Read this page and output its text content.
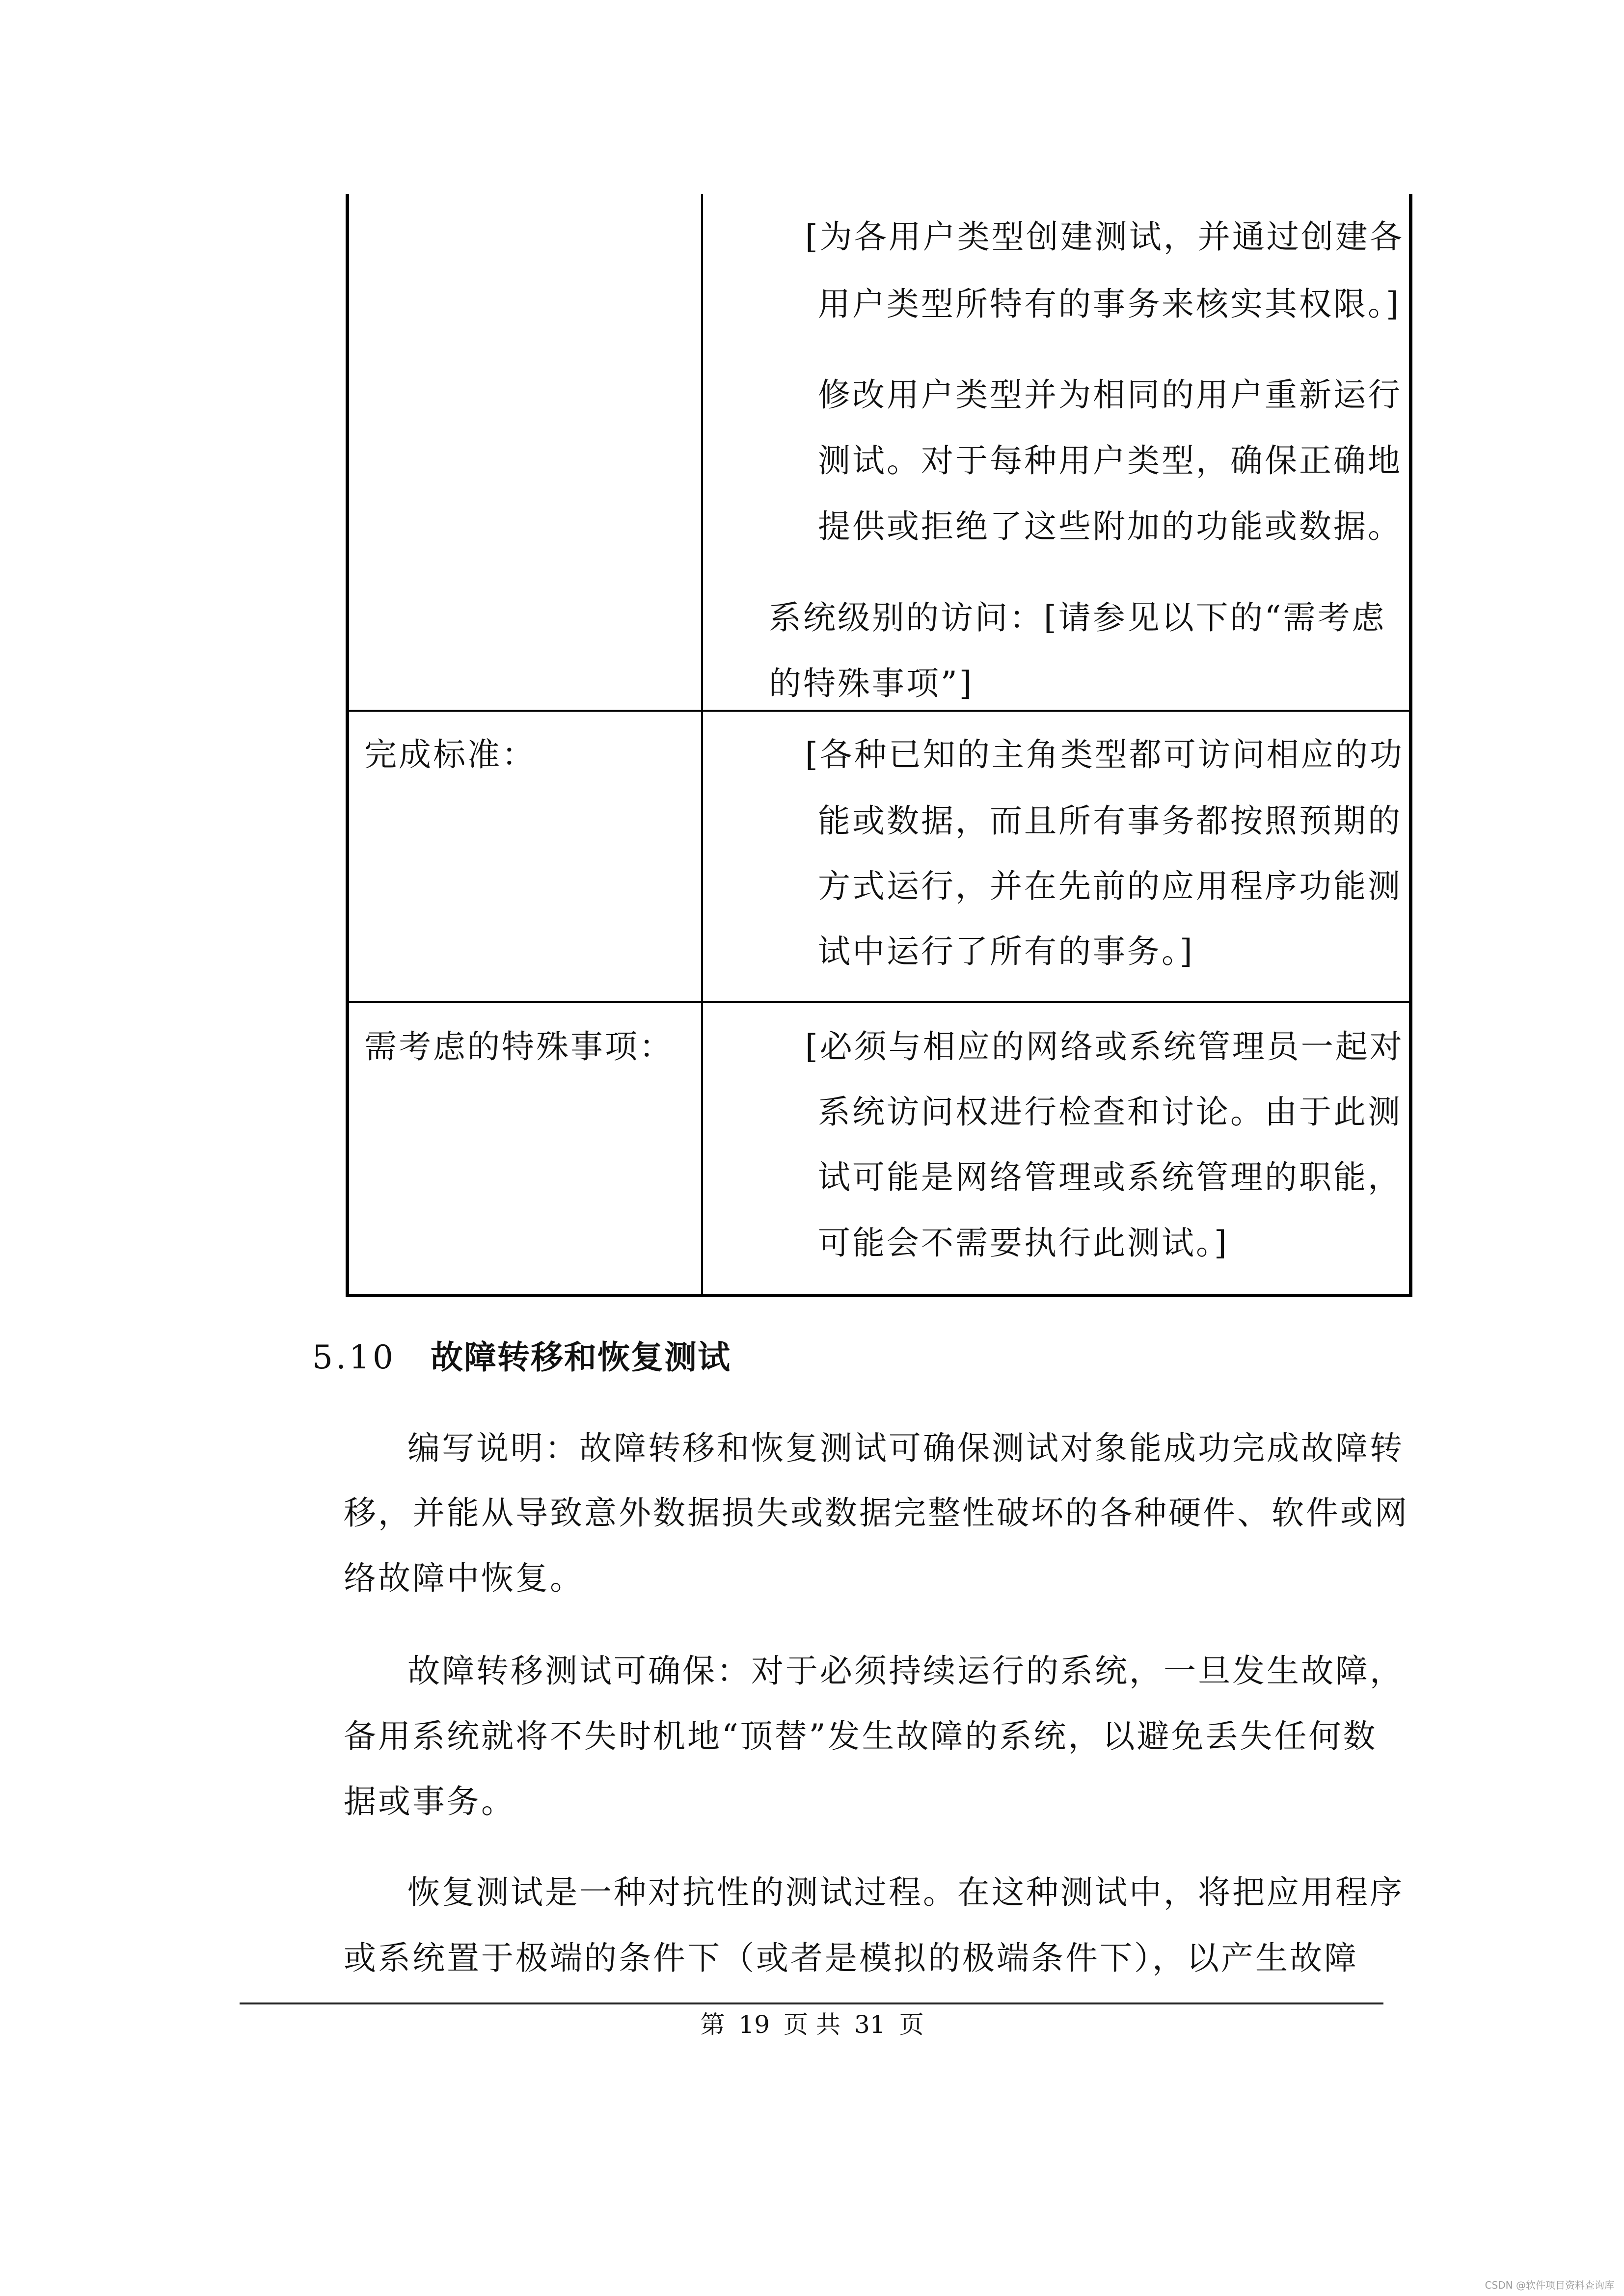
[为各用户类型创建测试，并通过创建各
用户类型所特有的事务来核实其权限。]
修改用户类型并为相同的用户重新运行
测试。对于每种用户类型，确保正确地
提供或拒绝了这些附加的功能或数据。
系统级别的访问：[请参见以下的“需考虑
的特殊事项”]
完成标准：	[各种已知的主角类型都可访问相应的功
能或数据，而且所有事务都按照预期的
方式运行，并在先前的应用程序功能测
试中运行了所有的事务。]
需考虑的特殊事项：	[必须与相应的网络或系统管理员一起对
系统访问权进行检查和讨论。由于此测
试可能是网络管理或系统管理的职能，
可能会不需要执行此测试。]
5.10 故障转移和恢复测试
编写说明：故障转移和恢复测试可确保测试对象能成功完成故障转
移，并能从导致意外数据损失或数据完整性破坏的各种硬件、软件或网
络故障中恢复。
故障转移测试可确保：对于必须持续运行的系统，一旦发生故障，
备用系统就将不失时机地“顶替”发生故障的系统，以避免丢失任何数
据或事务。
恢复测试是一种对抗性的测试过程。在这种测试中，将把应用程序
或系统置于极端的条件下（或者是模拟的极端条件下），以产生故障
第 19 页 共 31 页
CSDN @软件项目资料查询库
